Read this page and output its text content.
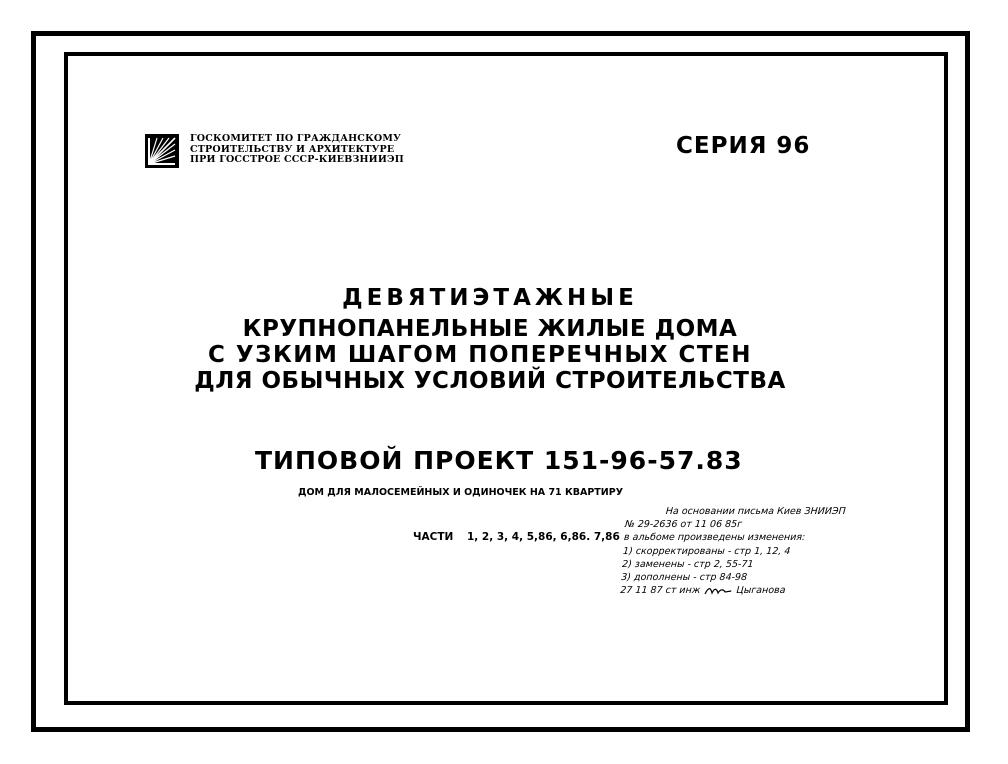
ГОСКОМИТЕТ ПО ГРАЖДАНСКОМУ
СТРОИТЕЛЬСТВУ И АРХИТЕКТУРЕ
ПРИ ГОССТРОЕ СССР-КИЕВЗНИИЭП
СЕРИЯ 96
ДЕВЯТИЭТАЖНЫЕ
КРУПНОПАНЕЛЬНЫЕ ЖИЛЫЕ ДОМА
С УЗКИМ ШАГОМ ПОПЕРЕЧНЫХ СТЕН
ДЛЯ ОБЫЧНЫХ УСЛОВИЙ СТРОИТЕЛЬСТВА
ТИПОВОЙ ПРОЕКТ 151-96-57.83
ДОМ ДЛЯ МАЛОСЕМЕЙНЫХ И ОДИНОЧЕК НА 71 КВАРТИРУ
ЧАСТИ 1, 2, 3, 4, 5,86, 6,86. 7,86
На основании письма Киев ЗНИИЭП
№ 29-2636 от 11 06 85г
в альбоме произведены изменения:
1) скорректированы - стр 1, 12, 4
2) заменены - стр 2, 55-71
3) дополнены - стр 84-98
27 11 87 ст инж	Цыганова
